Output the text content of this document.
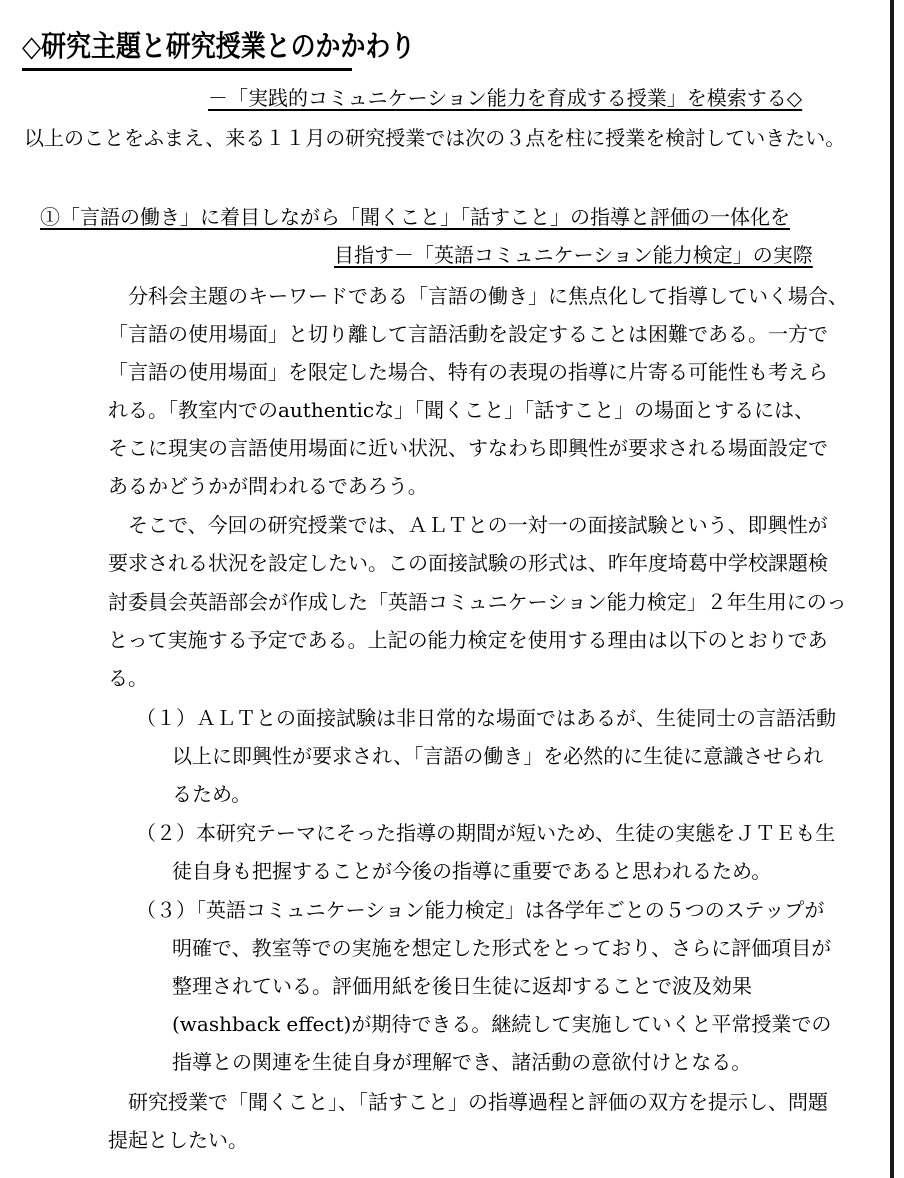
◇研究主題と研究授業とのかかわり
－「実践的コミュニケーション能力を育成する授業」を模索する◇
以上のことをふまえ、来る１１月の研究授業では次の３点を柱に授業を検討していきたい。
①「言語の働き」に着目しながら「聞くこと」「話すこと」の指導と評価の一体化を
目指す－「英語コミュニケーション能力検定」の実際
分科会主題のキーワードである「言語の働き」に焦点化して指導していく場合、
「言語の使用場面」と切り離して言語活動を設定することは困難である。一方で
「言語の使用場面」を限定した場合、特有の表現の指導に片寄る可能性も考えら
れる。「教室内でのauthenticな」「聞くこと」「話すこと」の場面とするには、
そこに現実の言語使用場面に近い状況、すなわち即興性が要求される場面設定で
あるかどうかが問われるであろう。
そこで、今回の研究授業では、ＡＬＴとの一対一の面接試験という、即興性が
要求される状況を設定したい。この面接試験の形式は、昨年度埼葛中学校課題検
討委員会英語部会が作成した「英語コミュニケーション能力検定」２年生用にのっ
とって実施する予定である。上記の能力検定を使用する理由は以下のとおりであ
る。
（１）ＡＬＴとの面接試験は非日常的な場面ではあるが、生徒同士の言語活動
以上に即興性が要求され、「言語の働き」を必然的に生徒に意識させられ
るため。
（２）本研究テーマにそった指導の期間が短いため、生徒の実態をＪＴＥも生
徒自身も把握することが今後の指導に重要であると思われるため。
（３）「英語コミュニケーション能力検定」は各学年ごとの５つのステップが
明確で、教室等での実施を想定した形式をとっており、さらに評価項目が
整理されている。評価用紙を後日生徒に返却することで波及効果
(washback effect)が期待できる。継続して実施していくと平常授業での
指導との関連を生徒自身が理解でき、諸活動の意欲付けとなる。
研究授業で「聞くこと」、「話すこと」の指導過程と評価の双方を提示し、問題
提起としたい。
